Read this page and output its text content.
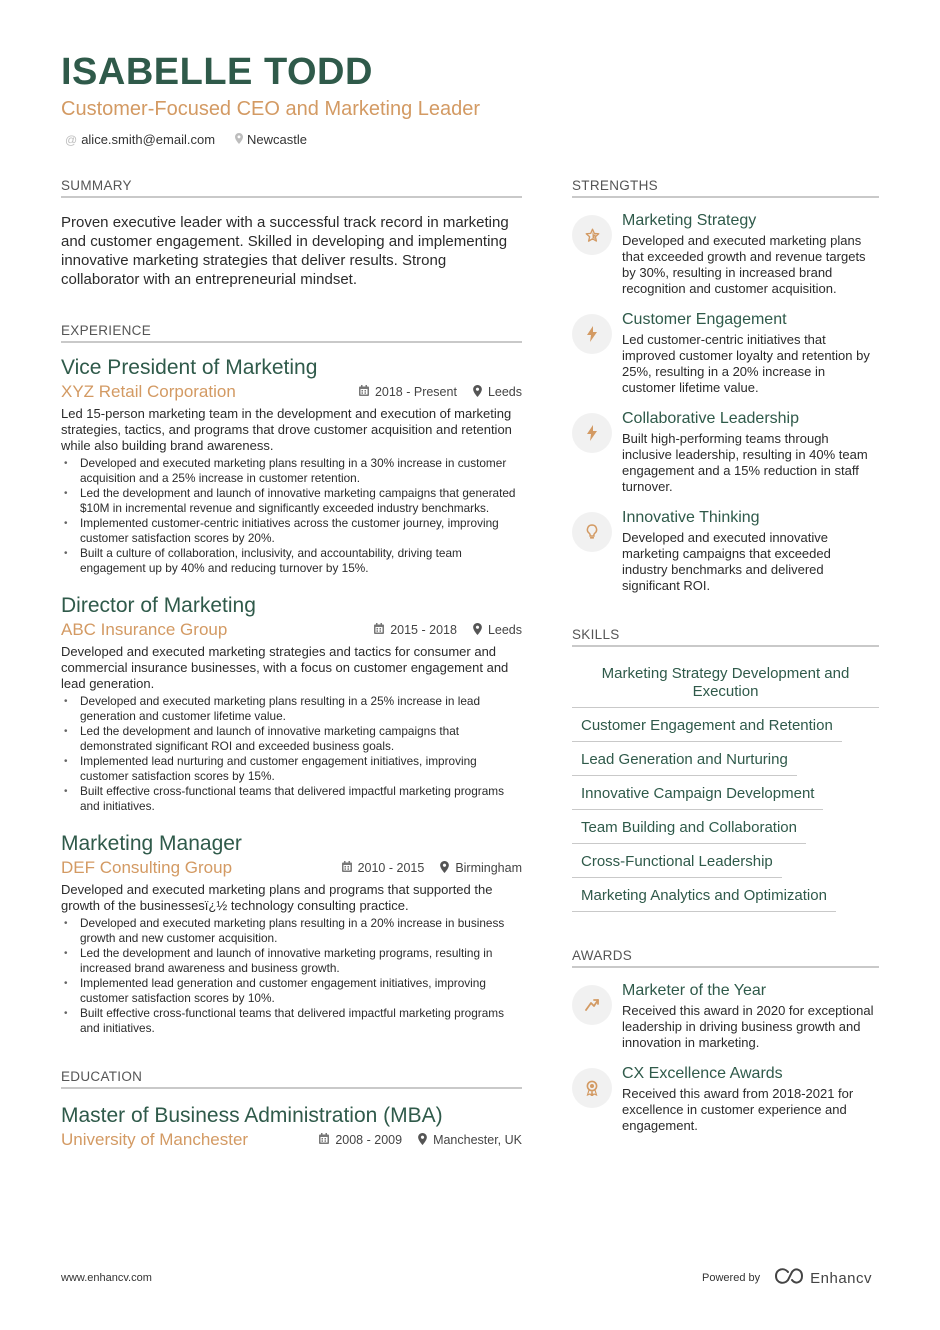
ISABELLE TODD
Customer-Focused CEO and Marketing Leader
@ alice.smith@email.com Newcastle
SUMMARY
Proven executive leader with a successful track record in marketing and customer engagement. Skilled in developing and implementing innovative marketing strategies that deliver results. Strong collaborator with an entrepreneurial mindset.
EXPERIENCE
Vice President of Marketing
XYZ Retail Corporation	2018 - Present Leeds
Led 15-person marketing team in the development and execution of marketing strategies, tactics, and programs that drove customer acquisition and retention while also building brand awareness.
• Developed and executed marketing plans resulting in a 30% increase in customer acquisition and a 25% increase in customer retention.
• Led the development and launch of innovative marketing campaigns that generated $10M in incremental revenue and significantly exceeded industry benchmarks.
• Implemented customer-centric initiatives across the customer journey, improving customer satisfaction scores by 20%.
• Built a culture of collaboration, inclusivity, and accountability, driving team engagement up by 40% and reducing turnover by 15%.
Director of Marketing
ABC Insurance Group	2015 - 2018 Leeds
Developed and executed marketing strategies and tactics for consumer and commercial insurance businesses, with a focus on customer engagement and lead generation.
• Developed and executed marketing plans resulting in a 25% increase in lead generation and customer lifetime value.
• Led the development and launch of innovative marketing campaigns that demonstrated significant ROI and exceeded business goals.
• Implemented lead nurturing and customer engagement initiatives, improving customer satisfaction scores by 15%.
• Built effective cross-functional teams that delivered impactful marketing programs and initiatives.
Marketing Manager
DEF Consulting Group	2010 - 2015 Birmingham
Developed and executed marketing plans and programs that supported the growth of the businessesï¿½ technology consulting practice.
• Developed and executed marketing plans resulting in a 20% increase in business growth and new customer acquisition.
• Led the development and launch of innovative marketing programs, resulting in increased brand awareness and business growth.
• Implemented lead generation and customer engagement initiatives, improving customer satisfaction scores by 10%.
• Built effective cross-functional teams that delivered impactful marketing programs and initiatives.
EDUCATION
Master of Business Administration (MBA)
University of Manchester	2008 - 2009 Manchester, UK
STRENGTHS
Marketing Strategy
Developed and executed marketing plans that exceeded growth and revenue targets by 30%, resulting in increased brand recognition and customer acquisition.
Customer Engagement
Led customer-centric initiatives that improved customer loyalty and retention by 25%, resulting in a 20% increase in customer lifetime value.
Collaborative Leadership
Built high-performing teams through inclusive leadership, resulting in 40% team engagement and a 15% reduction in staff turnover.
Innovative Thinking
Developed and executed innovative marketing campaigns that exceeded industry benchmarks and delivered significant ROI.
SKILLS
Marketing Strategy Development and Execution
Customer Engagement and Retention
Lead Generation and Nurturing
Innovative Campaign Development
Team Building and Collaboration
Cross-Functional Leadership
Marketing Analytics and Optimization
AWARDS
Marketer of the Year
Received this award in 2020 for exceptional leadership in driving business growth and innovation in marketing.
CX Excellence Awards
Received this award from 2018-2021 for excellence in customer experience and engagement.
www.enhancv.com	Powered by	Enhancv
